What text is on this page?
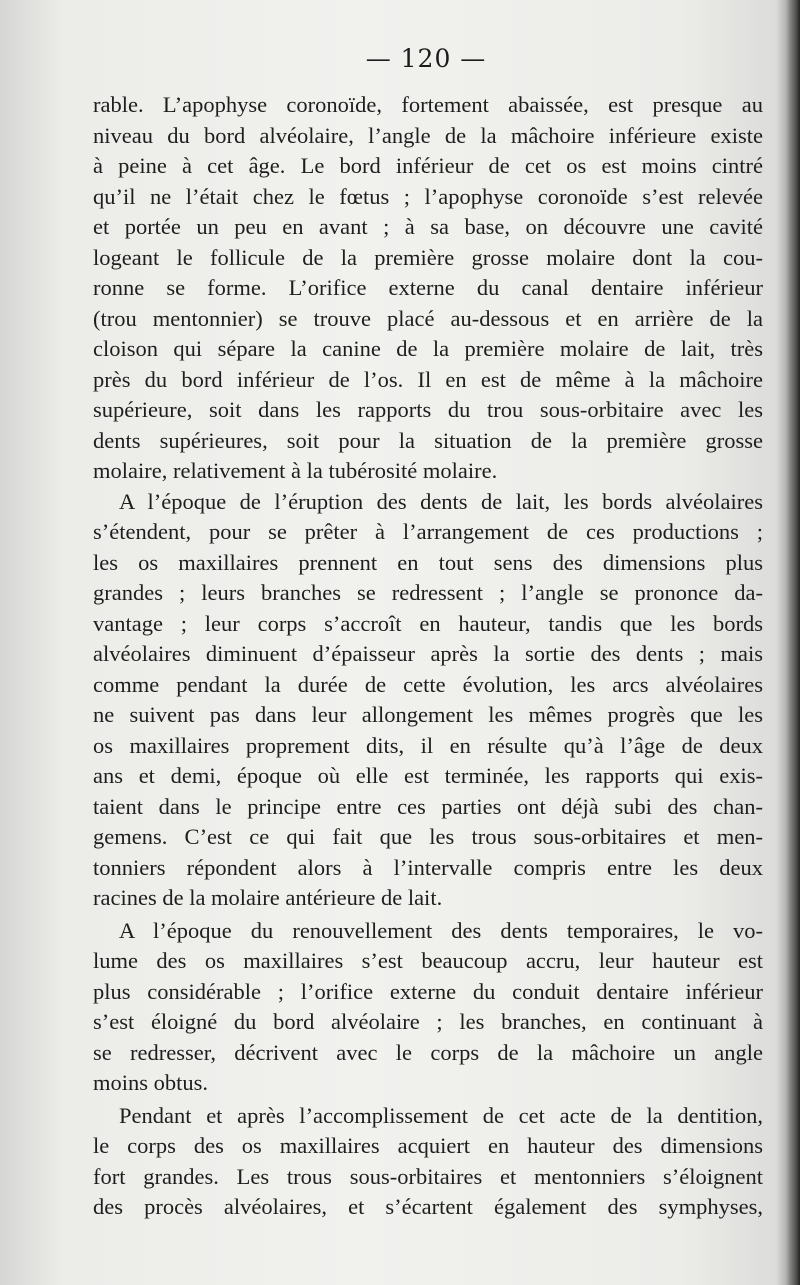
— 120 —
rable. L’apophyse coronoïde, fortement abaissée, est presque au
niveau du bord alvéolaire, l’angle de la mâchoire inférieure existe
à peine à cet âge. Le bord inférieur de cet os est moins cintré
qu’il ne l’était chez le fœtus ; l’apophyse coronoïde s’est relevée
et portée un peu en avant ; à sa base, on découvre une cavité
logeant le follicule de la première grosse molaire dont la cou-
ronne se forme. L’orifice externe du canal dentaire inférieur
(trou mentonnier) se trouve placé au-dessous et en arrière de la
cloison qui sépare la canine de la première molaire de lait, très
près du bord inférieur de l’os. Il en est de même à la mâchoire
supérieure, soit dans les rapports du trou sous-orbitaire avec les
dents supérieures, soit pour la situation de la première grosse
molaire, relativement à la tubérosité molaire.
A l’époque de l’éruption des dents de lait, les bords alvéolaires
s’étendent, pour se prêter à l’arrangement de ces productions ;
les os maxillaires prennent en tout sens des dimensions plus
grandes ; leurs branches se redressent ; l’angle se prononce da-
vantage ; leur corps s’accroît en hauteur, tandis que les bords
alvéolaires diminuent d’épaisseur après la sortie des dents ; mais
comme pendant la durée de cette évolution, les arcs alvéolaires
ne suivent pas dans leur allongement les mêmes progrès que les
os maxillaires proprement dits, il en résulte qu’à l’âge de deux
ans et demi, époque où elle est terminée, les rapports qui exis-
taient dans le principe entre ces parties ont déjà subi des chan-
gemens. C’est ce qui fait que les trous sous-orbitaires et men-
tonniers répondent alors à l’intervalle compris entre les deux
racines de la molaire antérieure de lait.
A l’époque du renouvellement des dents temporaires, le vo-
lume des os maxillaires s’est beaucoup accru, leur hauteur est
plus considérable ; l’orifice externe du conduit dentaire inférieur
s’est éloigné du bord alvéolaire ; les branches, en continuant à
se redresser, décrivent avec le corps de la mâchoire un angle
moins obtus.
Pendant et après l’accomplissement de cet acte de la dentition,
le corps des os maxillaires acquiert en hauteur des dimensions
fort grandes. Les trous sous-orbitaires et mentonniers s’éloignent
des procès alvéolaires, et s’écartent également des symphyses,
